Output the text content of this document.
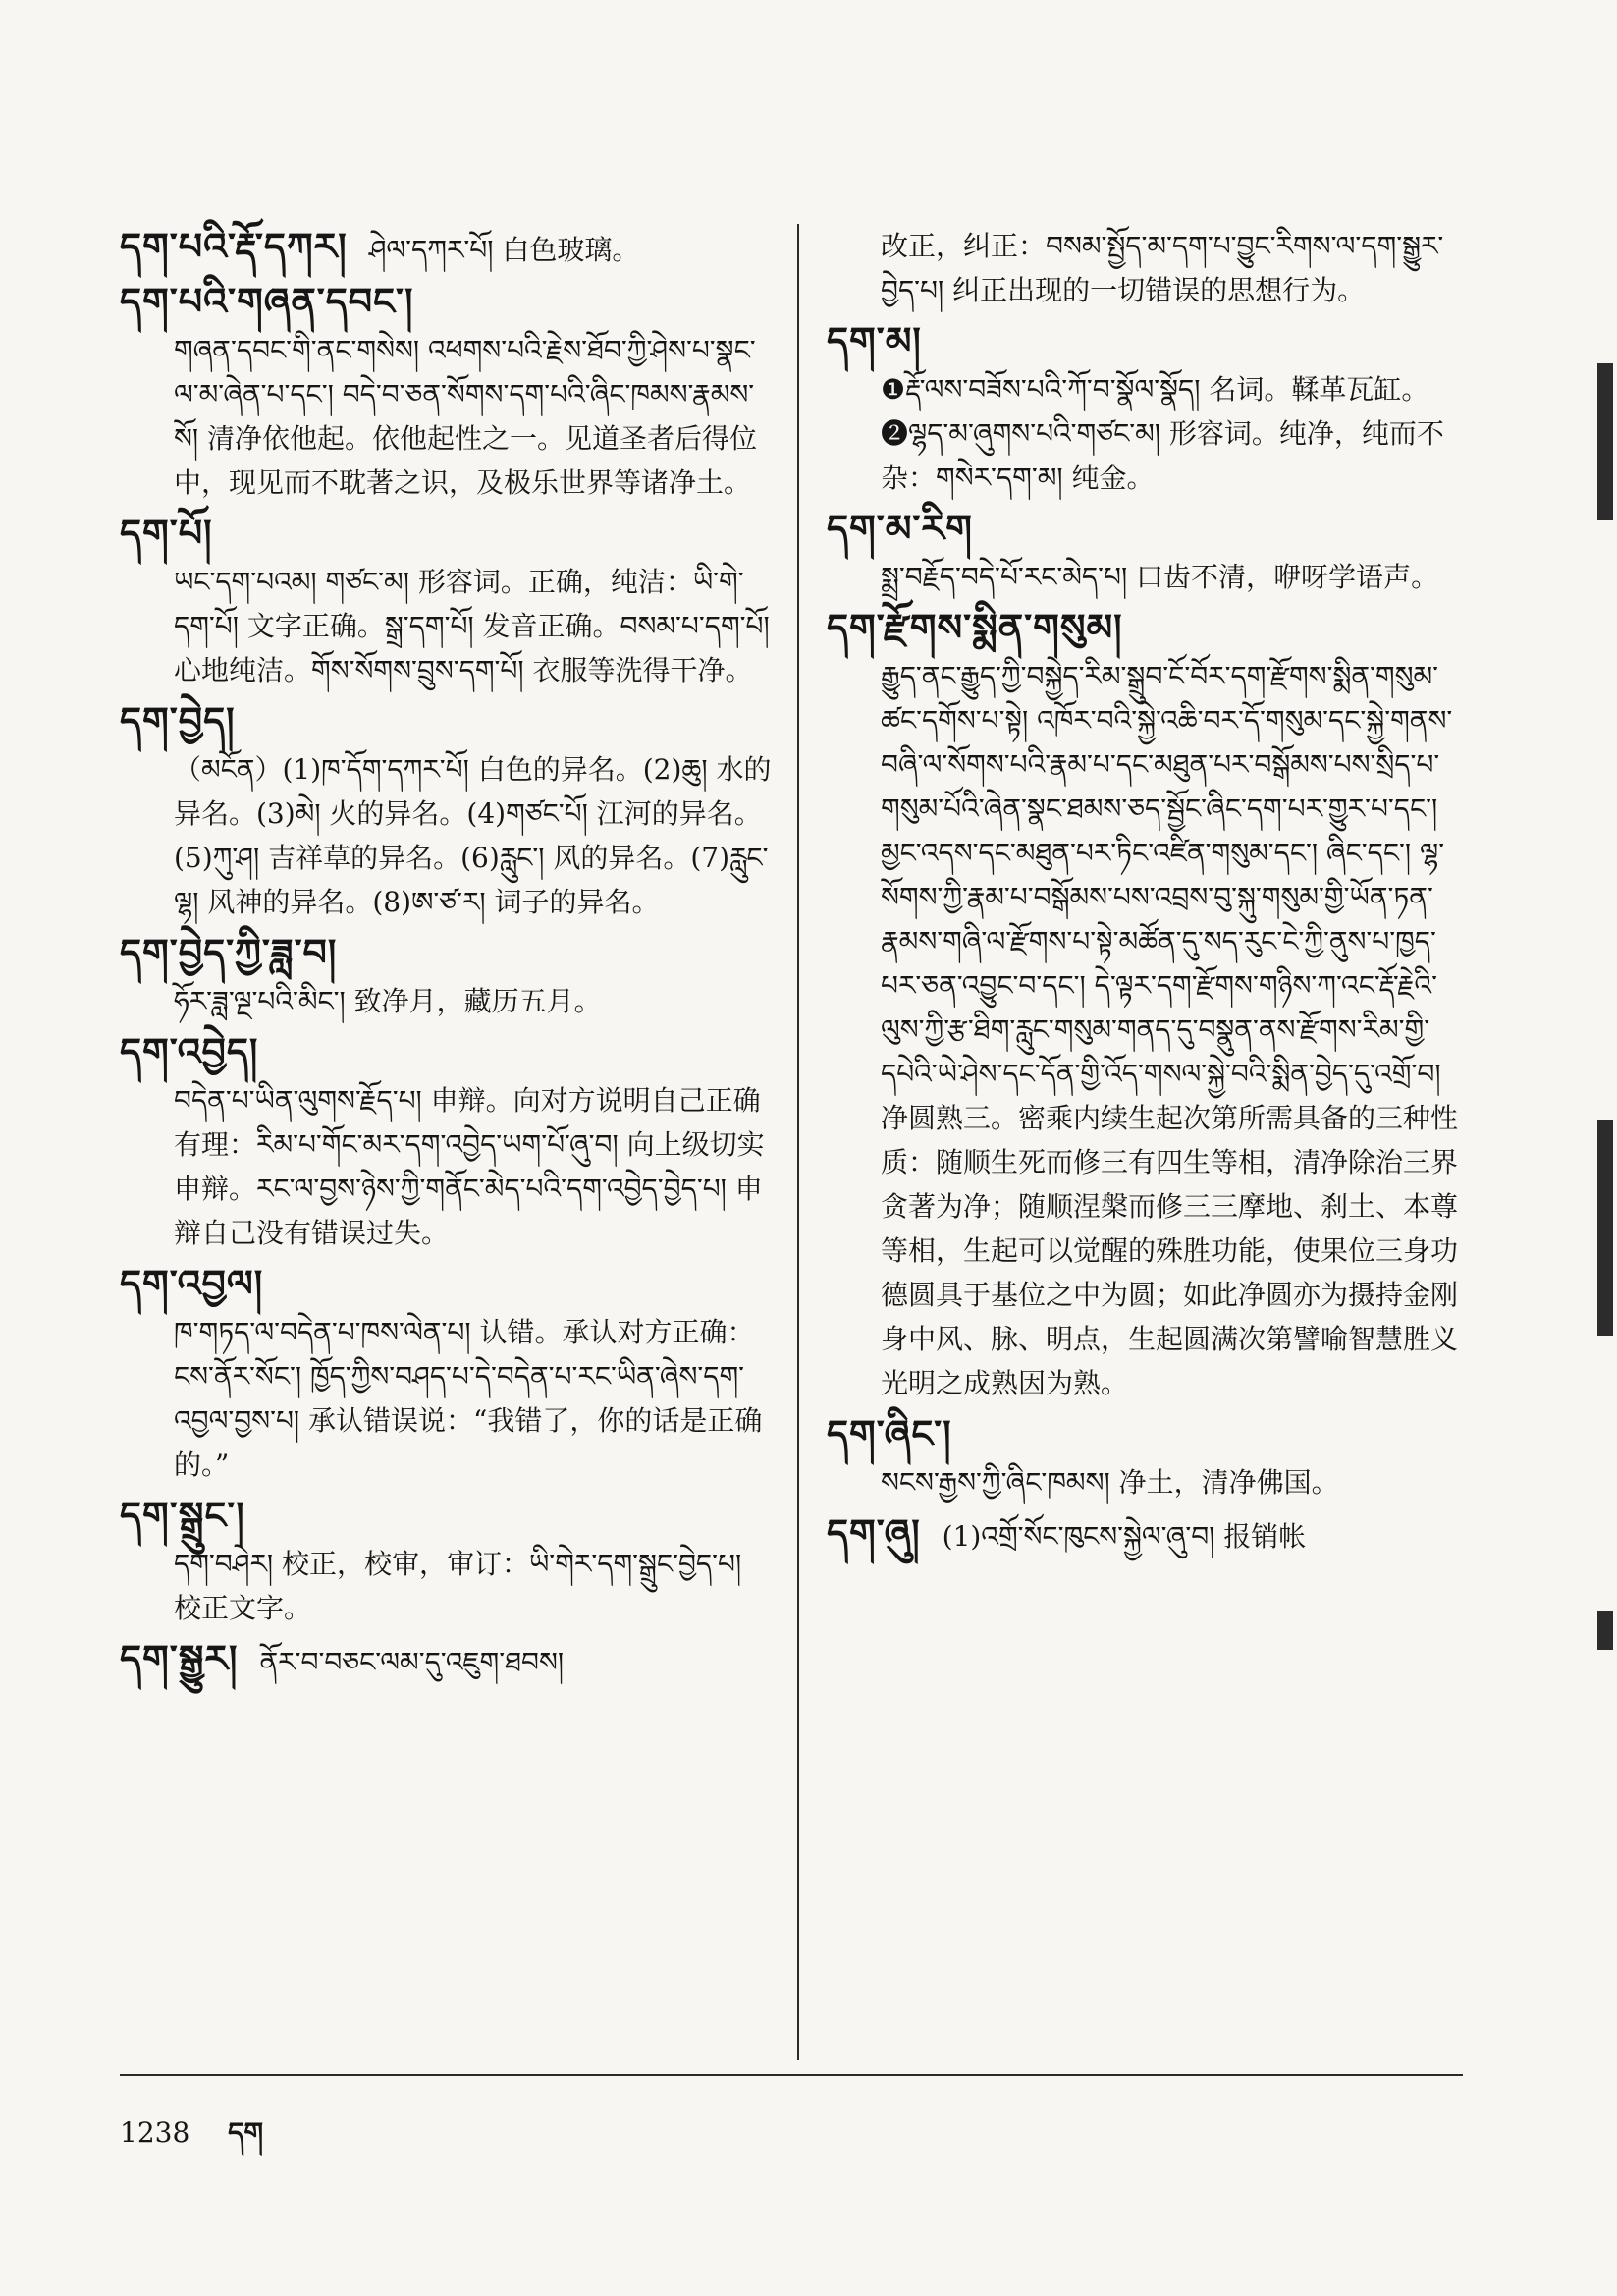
དག་པའི་རྡོ་དཀར། ཤེལ་དཀར་པོ། 白色玻璃。
དག་པའི་གཞན་དབང་།
གཞན་དབང་གི་ནང་གསེས། འཕགས་པའི་རྗེས་ཐོབ་ཀྱི་ཤེས་པ་སྣང་ལ་མ་ཞེན་པ་དང་། བདེ་བ་ཅན་སོགས་དག་པའི་ཞིང་ཁམས་རྣམས་སོ། 清净依他起。依他起性之一。见道圣者后得位中，现见而不耽著之识，及极乐世界等诸净土。
དག་པོ།
ཡང་དག་པའམ། གཙང་མ། 形容词。正确，纯洁：ཡི་གེ་དག་པོ། 文字正确。སྒྲ་དག་པོ། 发音正确。བསམ་པ་དག་པོ། 心地纯洁。གོས་སོགས་བྲུས་དག་པོ། 衣服等洗得干净。
དག་བྱེད།
（མངོན）(1)ཁ་དོག་དཀར་པོ། 白色的异名。(2)ཆུ། 水的异名。(3)མེ། 火的异名。(4)གཙང་པོ། 江河的异名。(5)ཀུ་ཤ། 吉祥草的异名。(6)རླུང་། 风的异名。(7)རླུང་ལྷ། 风神的异名。(8)ཨ་ཙ་ར། 词子的异名。
དག་བྱེད་ཀྱི་ཟླ་བ།
ཧོར་ཟླ་ལྔ་པའི་མིང་། 致净月，藏历五月。
དག་འབྱེད།
བདེན་པ་ཡིན་ལུགས་རྗོད་པ། 申辩。向对方说明自己正确有理：རིམ་པ་གོང་མར་དག་འབྱེད་ཡག་པོ་ཞུ་བ། 向上级切实申辩。རང་ལ་བྱས་ཉེས་ཀྱི་གནོང་མེད་པའི་དག་འབྱེད་བྱེད་པ། 申辩自己没有错误过失。
དག་འབྱལ།
ཁ་གཏད་ལ་བདེན་པ་ཁས་ལེན་པ། 认错。承认对方正确：ངས་ནོར་སོང་། ཁྱོད་ཀྱིས་བཤད་པ་དེ་བདེན་པ་རང་ཡིན་ཞེས་དག་འབྱལ་བྱས་པ། 承认错误说：“我错了，你的话是正确的。”
དག་སྒྲུང་།
དག་བཤེར། 校正，校审，审订：ཡི་གེར་དག་སྒྲུང་བྱེད་པ། 校正文字。
དག་སྒྱུར། ནོར་བ་བཅང་ལམ་དུ་འཇུག་ཐབས།
改正，纠正：བསམ་སྤྱོད་མ་དག་པ་བྱུང་རིགས་ལ་དག་སྒྱུར་བྱེད་པ། 纠正出现的一切错误的思想行为。
དག་མ།
❶རྡོ་ལས་བཟོས་པའི་ཀོ་བ་སྣོལ་སྣོད། 名词。鞣革瓦缸。❷ལྷད་མ་ཞུགས་པའི་གཙང་མ། 形容词。纯净，纯而不杂：གསེར་དག་མ། 纯金。
དག་མ་རིག
སྨྲ་བརྗོད་བདེ་པོ་རང་མེད་པ། 口齿不清，咿呀学语声。
དག་རྫོགས་སྨིན་གསུམ།
རྒྱུད་ནང་རྒྱུད་ཀྱི་བསྐྱེད་རིམ་སྒྲུབ་ངོ་བོར་དག་རྫོགས་སྨིན་གསུམ་ཚང་དགོས་པ་སྟེ། འཁོར་བའི་སྐྱེ་འཆི་བར་དོ་གསུམ་དང་སྐྱེ་གནས་བཞི་ལ་སོགས་པའི་རྣམ་པ་དང་མཐུན་པར་བསྒོམས་པས་སྲིད་པ་གསུམ་པོའི་ཞེན་སྣང་ཐམས་ཅད་སྦྱོང་ཞིང་དག་པར་གྱུར་པ་དང་། མྱང་འདས་དང་མཐུན་པར་ཏིང་འཛིན་གསུམ་དང་། ཞིང་དང་། ལྷ་སོགས་ཀྱི་རྣམ་པ་བསྒོམས་པས་འབྲས་བུ་སྐུ་གསུམ་གྱི་ཡོན་ཏན་རྣམས་གཞི་ལ་རྫོགས་པ་སྟེ་མཚོན་དུ་སད་རུང་ངེ་ཀྱི་ནུས་པ་ཁྱད་པར་ཅན་འབྱུང་བ་དང་། དེ་ལྟར་དག་རྫོགས་གཉིས་ཀ་འང་རྡོ་རྗེའི་ལུས་ཀྱི་རྩ་ཐིག་རླུང་གསུམ་གནད་དུ་བསྣུན་ནས་རྫོགས་རིམ་གྱི་དཔེའི་ཡེ་ཤེས་དང་དོན་གྱི་འོད་གསལ་སྐྱེ་བའི་སྨིན་བྱེད་དུ་འགྲོ་བ། 净圆熟三。密乘内续生起次第所需具备的三种性质：随顺生死而修三有四生等相，清净除治三界贪著为净；随顺涅槃而修三三摩地、刹土、本尊等相，生起可以觉醒的殊胜功能，使果位三身功德圆具于基位之中为圆；如此净圆亦为摄持金刚身中风、脉、明点，生起圆满次第譬喻智慧胜义光明之成熟因为熟。
དག་ཞིང་།
སངས་རྒྱས་ཀྱི་ཞིང་ཁམས། 净土，清净佛国。
དག་ཞུ། (1)འགྲོ་སོང་ཁུངས་སྐྱེལ་ཞུ་བ། 报销帐
1238 དག
